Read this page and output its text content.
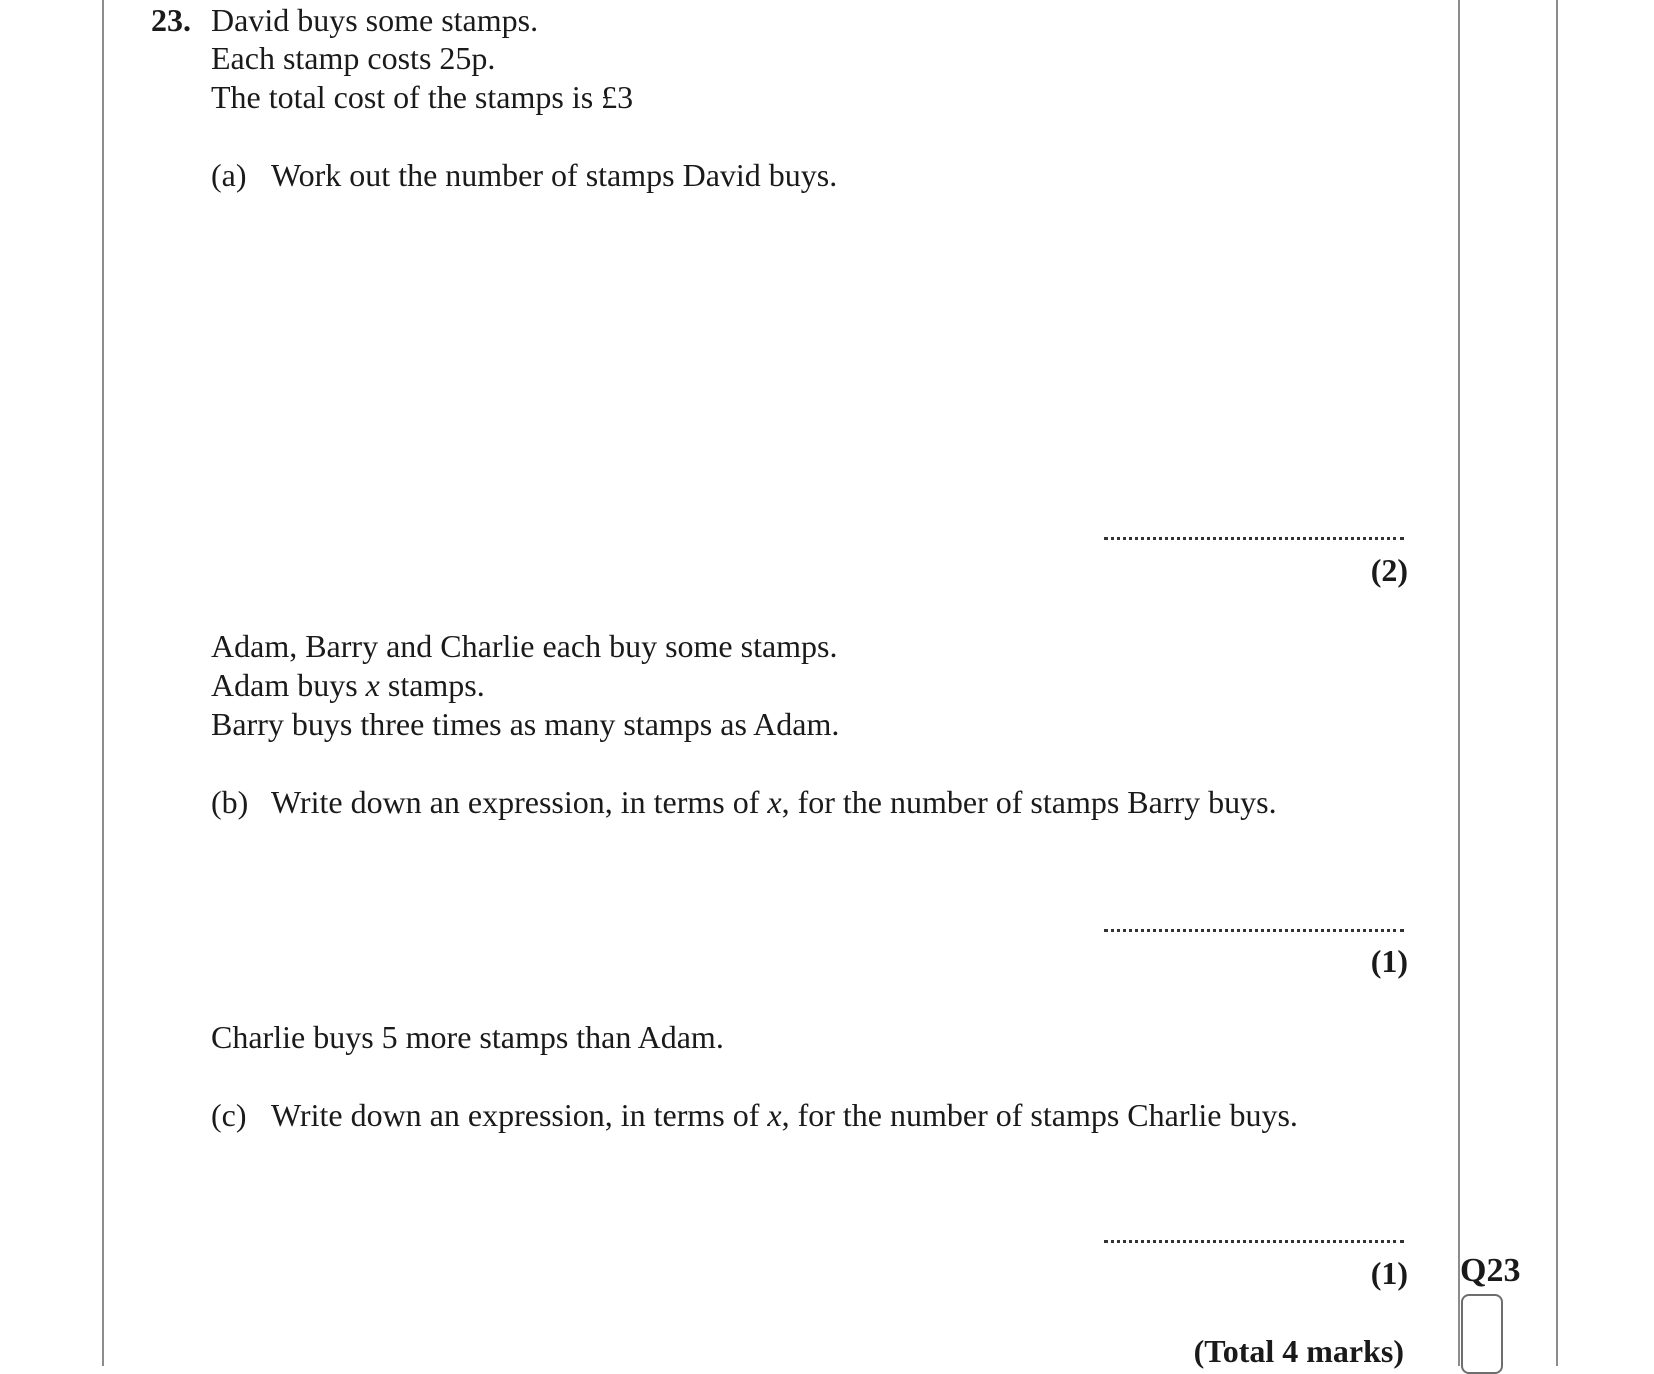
23. David buys some stamps.
Each stamp costs 25p.
The total cost of the stamps is £3
(a) Work out the number of stamps David buys.
(2)
Adam, Barry and Charlie each buy some stamps.
Adam buys x stamps.
Barry buys three times as many stamps as Adam.
(b) Write down an expression, in terms of x, for the number of stamps Barry buys.
(1)
Charlie buys 5 more stamps than Adam.
(c) Write down an expression, in terms of x, for the number of stamps Charlie buys.
(1)
(Total 4 marks)
Q23
